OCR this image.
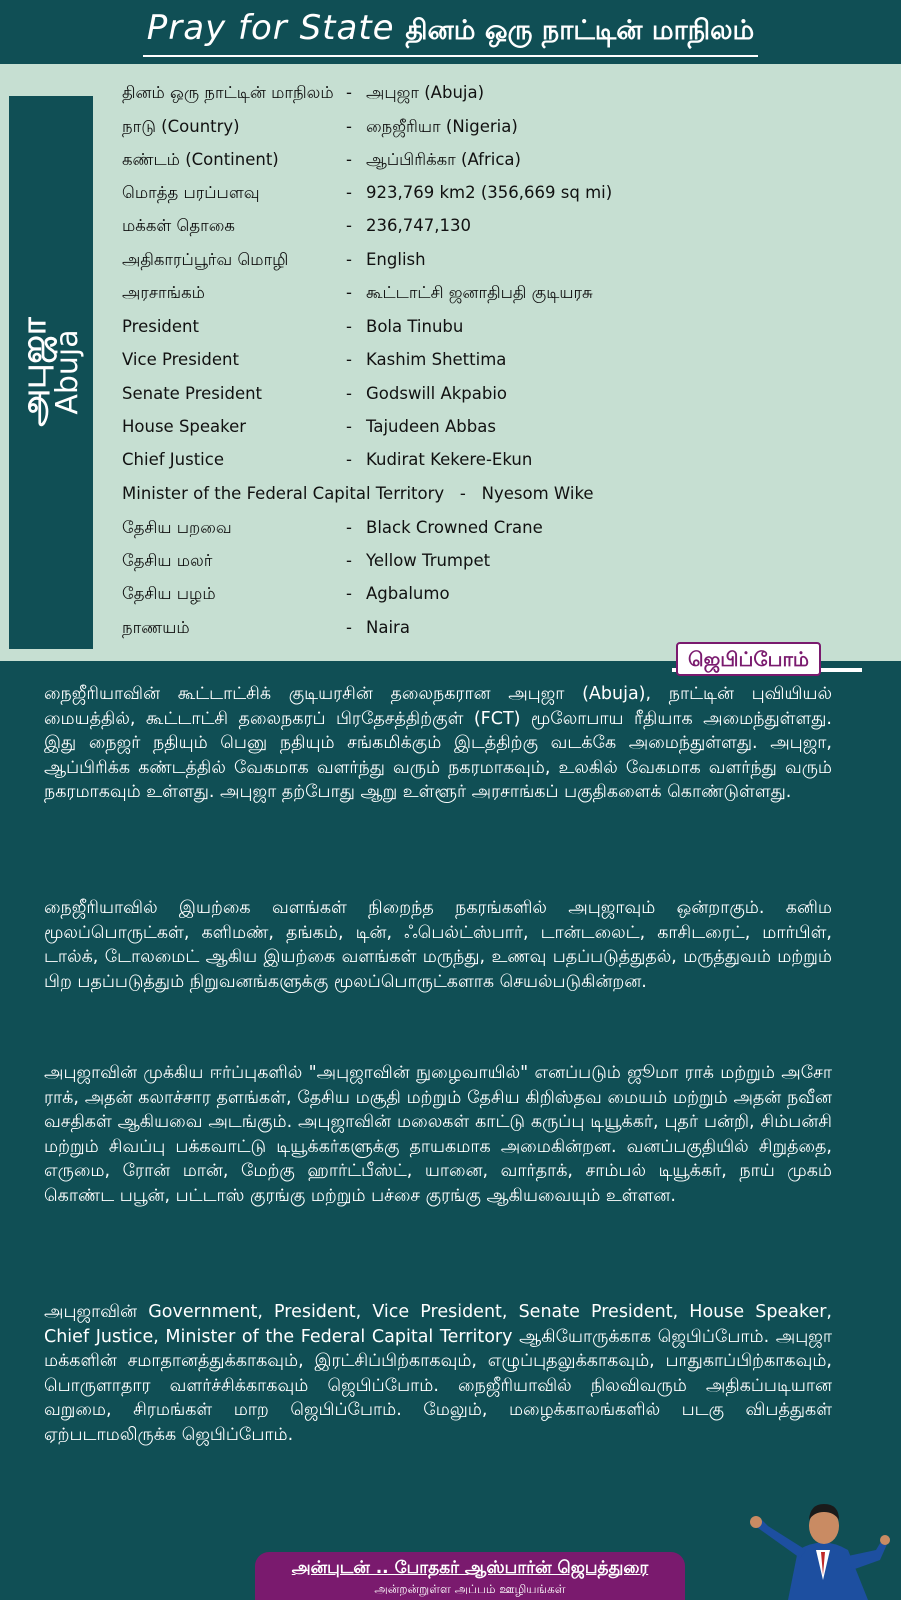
Pray for State தினம் ஒரு நாட்டின் மாநிலம்
அபுஜா
Abuja
தினம் ஒரு நாட்டின் மாநிலம் - அபுஜா (Abuja)
நாடு (Country)	- நைஜீரியா (Nigeria)
கண்டம் (Continent)	- ஆப்பிரிக்கா (Africa)
மொத்த பரப்பளவு	- 923,769 km2 (356,669 sq mi)
மக்கள் தொகை	- 236,747,130
அதிகாரப்பூர்வ மொழி	- English
அரசாங்கம்	- கூட்டாட்சி ஜனாதிபதி குடியரசு
President	- Bola Tinubu
Vice President	- Kashim Shettima
Senate President	- Godswill Akpabio
House Speaker	- Tajudeen Abbas
Chief Justice	- Kudirat Kekere-Ekun
Minister of the Federal Capital Territory - Nyesom Wike
தேசிய பறவை	- Black Crowned Crane
தேசிய மலர்	- Yellow Trumpet
தேசிய பழம்	- Agbalumo
நாணயம்	- Naira
ஜெபிப்போம்

நைஜீரியாவின் கூட்டாட்சிக் குடியரசின் தலைநகரான அபுஜா (Abuja), நாட்டின் புவியியல் மையத்தில், கூட்டாட்சி தலைநகரப் பிரதேசத்திற்குள் (FCT) மூலோபாய ரீதியாக அமைந்துள்ளது. இது நைஜர் நதியும் பெனு நதியும் சங்கமிக்கும் இடத்திற்கு வடக்கே அமைந்துள்ளது. அபுஜா, ஆப்பிரிக்க கண்டத்தில் வேகமாக வளர்ந்து வரும் நகரமாகவும், உலகில் வேகமாக வளர்ந்து வரும் நகரமாகவும் உள்ளது. அபுஜா தற்போது ஆறு உள்ளூர் அரசாங்கப் பகுதிகளைக் கொண்டுள்ளது.

நைஜீரியாவில் இயற்கை வளங்கள் நிறைந்த நகரங்களில் அபுஜாவும் ஒன்றாகும். கனிம மூலப்பொருட்கள், களிமண், தங்கம், டின், ஃபெல்ட்ஸ்பார், டான்டலைட், காசிடரைட், மார்பிள், டால்க், டோலமைட் ஆகிய இயற்கை வளங்கள் மருந்து, உணவு பதப்படுத்துதல், மருத்துவம் மற்றும் பிற பதப்படுத்தும் நிறுவனங்களுக்கு மூலப்பொருட்களாக செயல்படுகின்றன.

அபுஜாவின் முக்கிய ஈர்ப்புகளில் "அபுஜாவின் நுழைவாயில்" எனப்படும் ஜூமா ராக் மற்றும் அசோ ராக், அதன் கலாச்சார தளங்கள், தேசிய மசூதி மற்றும் தேசிய கிறிஸ்தவ மையம் மற்றும் அதன் நவீன வசதிகள் ஆகியவை அடங்கும். அபுஜாவின் மலைகள் காட்டு கருப்பு டியூக்கர், புதர் பன்றி, சிம்பன்சி மற்றும் சிவப்பு பக்கவாட்டு டியூக்கர்களுக்கு தாயகமாக அமைகின்றன. வனப்பகுதியில் சிறுத்தை, எருமை, ரோன் மான், மேற்கு ஹார்ட்பீஸ்ட், யானை, வார்தாக், சாம்பல் டியூக்கர், நாய் முகம் கொண்ட பபூன், பட்டாஸ் குரங்கு மற்றும் பச்சை குரங்கு ஆகியவையும் உள்ளன.

அபுஜாவின் Government, President, Vice President, Senate President, House Speaker, Chief Justice, Minister of the Federal Capital Territory ஆகியோருக்காக ஜெபிப்போம். அபுஜா மக்களின் சமாதானத்துக்காகவும், இரட்சிப்பிற்காகவும், எழுப்புதலுக்காகவும், பாதுகாப்பிற்காகவும், பொருளாதார வளர்ச்சிக்காகவும் ஜெபிப்போம். நைஜீரியாவில் நிலவிவரும் அதிகப்படியான வறுமை, சிரமங்கள் மாற ஜெபிப்போம். மேலும், மழைக்காலங்களில் படகு விபத்துகள் ஏற்படாமலிருக்க ஜெபிப்போம்.

அன்புடன் .. போதகர் ஆஸ்பார்ன் ஜெபத்துரை
அன்றன்றுள்ள அப்பம் ஊழியங்கள்
